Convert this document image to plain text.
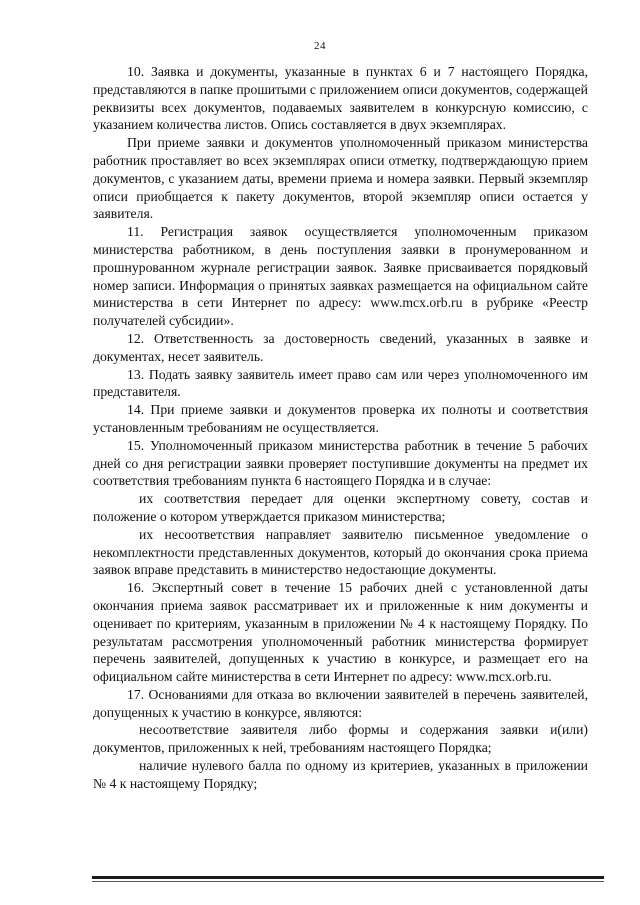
24

10. Заявка и документы, указанные в пунктах 6 и 7 настоящего Порядка, представляются в папке прошитыми с приложением описи документов, содержащей реквизиты всех документов, подаваемых заявителем в конкурсную комиссию, с указанием количества листов. Опись составляется в двух экземплярах.

При приеме заявки и документов уполномоченный приказом министерства работник проставляет во всех экземплярах описи отметку, подтверждающую прием документов, с указанием даты, времени приема и номера заявки. Первый экземпляр описи приобщается к пакету документов, второй экземпляр описи остается у заявителя.

11. Регистрация заявок осуществляется уполномоченным приказом министерства работником, в день поступления заявки в пронумерованном и прошнурованном журнале регистрации заявок. Заявке присваивается порядковый номер записи. Информация о принятых заявках размещается на официальном сайте министерства в сети Интернет по адресу: www.mcx.orb.ru в рубрике «Реестр получателей субсидии».

12. Ответственность за достоверность сведений, указанных в заявке и документах, несет заявитель.

13. Подать заявку заявитель имеет право сам или через уполномоченного им представителя.

14. При приеме заявки и документов проверка их полноты и соответствия установленным требованиям не осуществляется.

15. Уполномоченный приказом министерства работник в течение 5 рабочих дней со дня регистрации заявки проверяет поступившие документы на предмет их соответствия требованиям пункта 6 настоящего Порядка и в случае:

их соответствия передает для оценки экспертному совету, состав и положение о котором утверждается приказом министерства;

их несоответствия направляет заявителю письменное уведомление о некомплектности представленных документов, который до окончания срока приема заявок вправе представить в министерство недостающие документы.

16. Экспертный совет в течение 15 рабочих дней с установленной даты окончания приема заявок рассматривает их и приложенные к ним документы и оценивает по критериям, указанным в приложении № 4 к настоящему Порядку. По результатам рассмотрения уполномоченный работник министерства формирует перечень заявителей, допущенных к участию в конкурсе, и размещает его на официальном сайте министерства в сети Интернет по адресу: www.mcx.orb.ru.

17. Основаниями для отказа во включении заявителей в перечень заявителей, допущенных к участию в конкурсе, являются:

несоответствие заявителя либо формы и содержания заявки и(или) документов, приложенных к ней, требованиям настоящего Порядка;

наличие нулевого балла по одному из критериев, указанных в приложении № 4 к настоящему Порядку;
